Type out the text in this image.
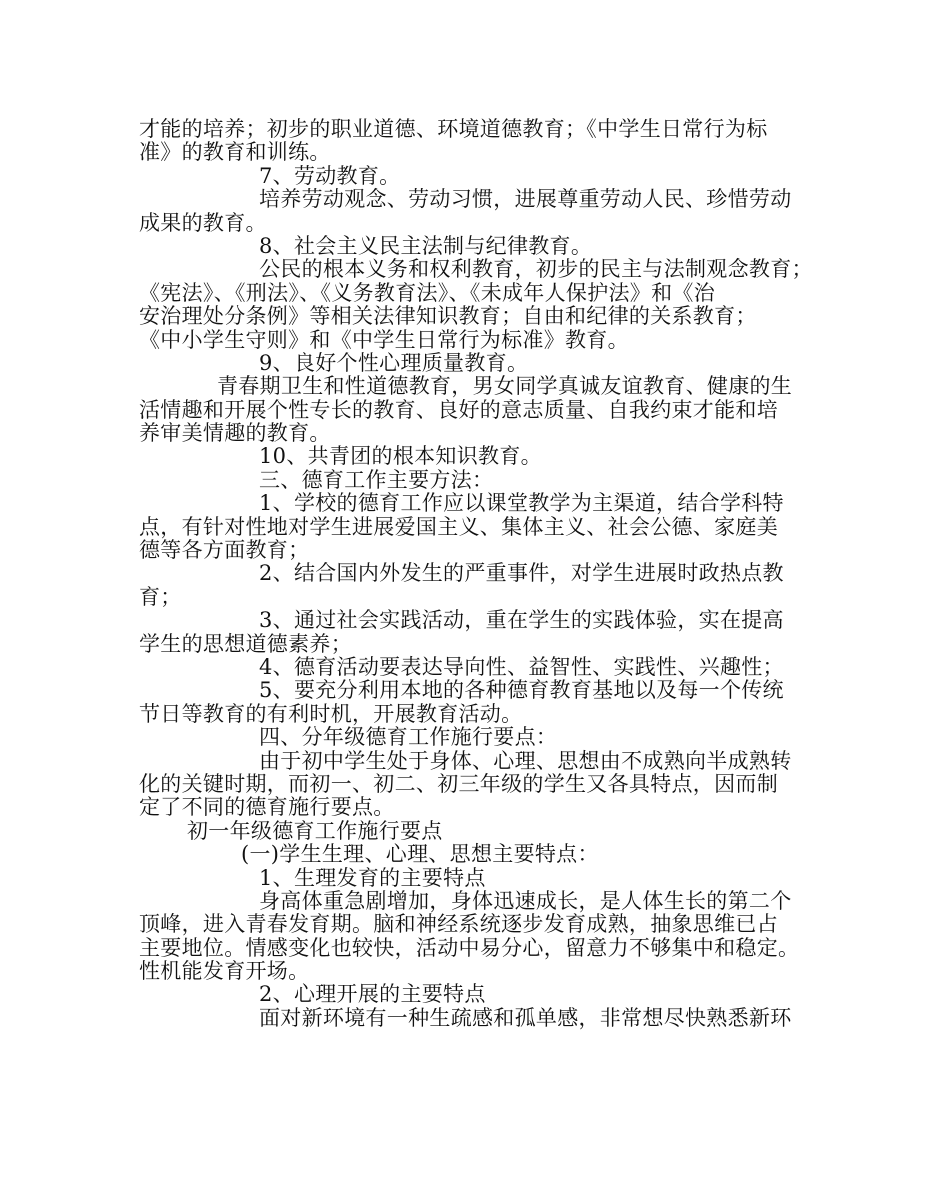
才能的培养；初步的职业道德、环境道德教育；《中学生日常行为标
准》的教育和训练。
7、劳动教育。
培养劳动观念、劳动习惯，进展尊重劳动人民、珍惜劳动
成果的教育。
8、社会主义民主法制与纪律教育。
公民的根本义务和权利教育，初步的民主与法制观念教育；
《宪法》、《刑法》、《义务教育法》、《未成年人保护法》和《治
安治理处分条例》等相关法律知识教育；自由和纪律的关系教育；
《中小学生守则》和《中学生日常行为标准》教育。
9、良好个性心理质量教育。
青春期卫生和性道德教育，男女同学真诚友谊教育、健康的生
活情趣和开展个性专长的教育、良好的意志质量、自我约束才能和培
养审美情趣的教育。
10、共青团的根本知识教育。
三、德育工作主要方法：
1、学校的德育工作应以课堂教学为主渠道，结合学科特
点，有针对性地对学生进展爱国主义、集体主义、社会公德、家庭美
德等各方面教育；
2、结合国内外发生的严重事件，对学生进展时政热点教
育；
3、通过社会实践活动，重在学生的实践体验，实在提高
学生的思想道德素养；
4、德育活动要表达导向性、益智性、实践性、兴趣性；
5、要充分利用本地的各种德育教育基地以及每一个传统
节日等教育的有利时机，开展教育活动。
四、分年级德育工作施行要点：
由于初中学生处于身体、心理、思想由不成熟向半成熟转
化的关键时期，而初一、初二、初三年级的学生又各具特点，因而制
定了不同的德育施行要点。
初一年级德育工作施行要点
(一)学生生理、心理、思想主要特点：
1、生理发育的主要特点
身高体重急剧增加，身体迅速成长，是人体生长的第二个
顶峰，进入青春发育期。脑和神经系统逐步发育成熟，抽象思维已占
主要地位。情感变化也较快，活动中易分心，留意力不够集中和稳定。
性机能发育开场。
2、心理开展的主要特点
面对新环境有一种生疏感和孤单感，非常想尽快熟悉新环
